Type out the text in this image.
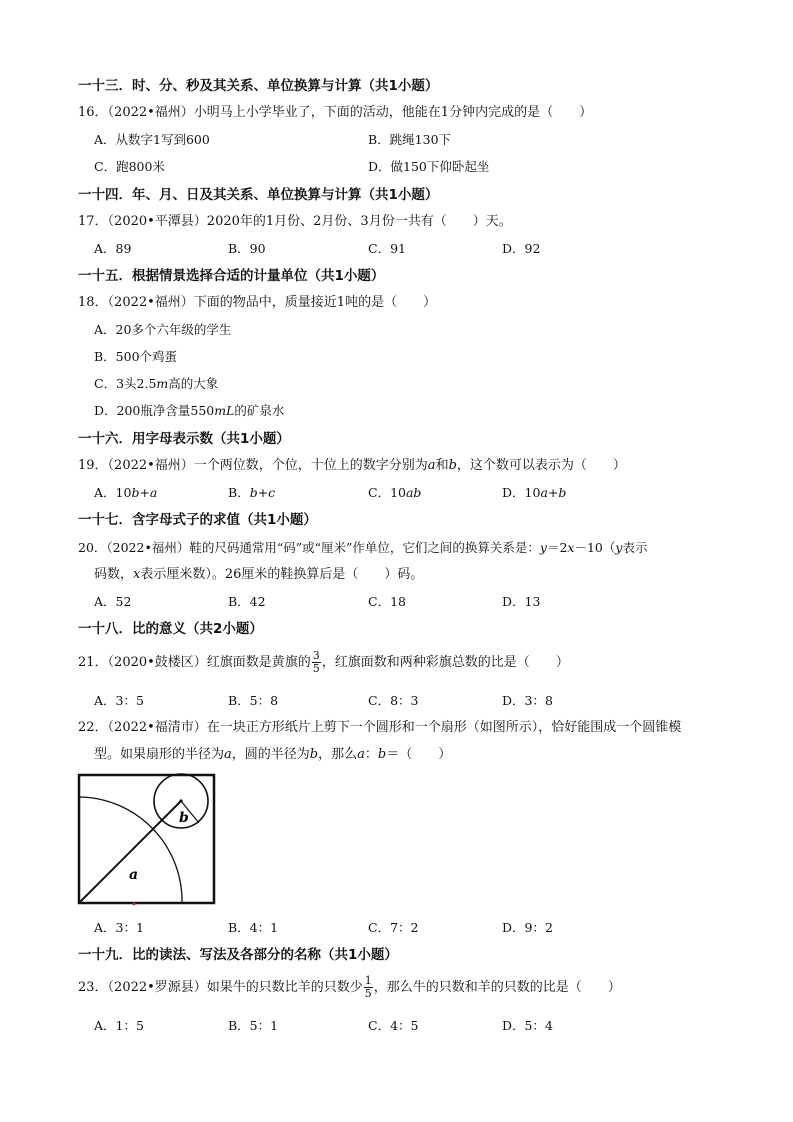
一十三．时、分、秒及其关系、单位换算与计算（共1小题）
16．（2022•福州）小明马上小学毕业了，下面的活动，他能在1分钟内完成的是（ ）
A．从数字1写到600	B．跳绳130下
C．跑800米	D．做150下仰卧起坐
一十四．年、月、日及其关系、单位换算与计算（共1小题）
17．（2020•平潭县）2020年的1月份、2月份、3月份一共有（ ）天。
A．89	B．90	C．91	D．92
一十五．根据情景选择合适的计量单位（共1小题）
18．（2022•福州）下面的物品中，质量接近1吨的是（ ）
A．20多个六年级的学生
B．500个鸡蛋
C．3头2.5m高的大象
D．200瓶净含量550mL的矿泉水
一十六．用字母表示数（共1小题）
19．（2022•福州）一个两位数，个位，十位上的数字分别为a和b，这个数可以表示为（ ）
A．10b+a	B．b+c	C．10ab	D．10a+b
一十七．含字母式子的求值（共1小题）
20．（2022•福州）鞋的尺码通常用“码”或“厘米”作单位，它们之间的换算关系是：y＝2x－10（y表示
码数，x表示厘米数）。26厘米的鞋换算后是（ ）码。
A．52	B．42	C．18	D．13
一十八．比的意义（共2小题）
21．（2020•鼓楼区）红旗面数是黄旗的 $\frac{3}{5}$ ，红旗面数和两种彩旗总数的比是（ ）
A．3：5	B．5：8	C．8：3	D．3：8
22．（2022•福清市）在一块正方形纸片上剪下一个圆形和一个扇形（如图所示），恰好能围成一个圆锥模
型。如果扇形的半径为a，圆的半径为b，那么a：b＝（ ）
a
b
A．3：1	B．4：1	C．7：2	D．9：2
一十九．比的读法、写法及各部分的名称（共1小题）
23．（2022•罗源县）如果牛的只数比羊的只数少 $\frac{1}{5}$ ，那么牛的只数和羊的只数的比是（ ）
A．1：5	B．5：1	C．4：5	D．5：4
